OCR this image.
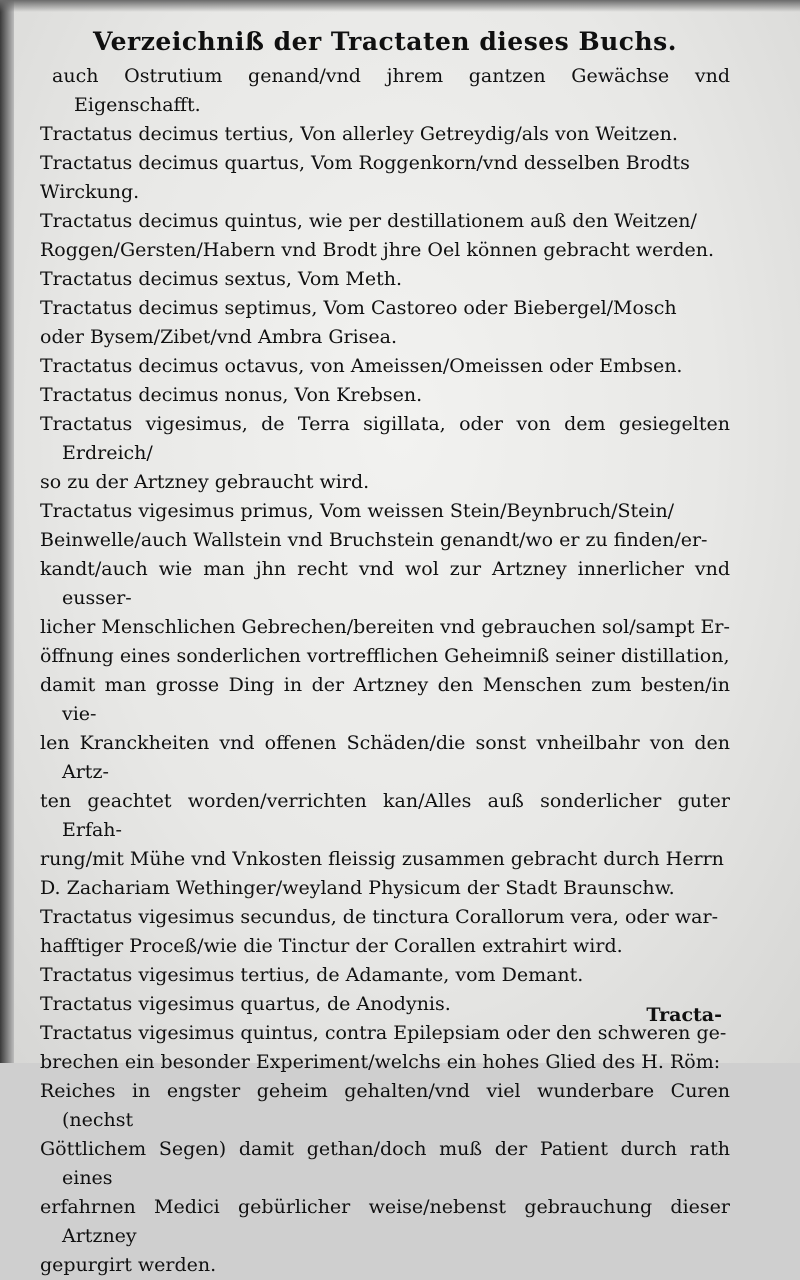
Verzeichniß der Tractaten dieses Buchs.
auch Ostrutium genand/vnd jhrem gantzen Gewächse vnd Eigenschafft.
Tractatus decimus tertius, Von allerley Getreydig/als von Weitzen.
Tractatus decimus quartus, Vom Roggenkorn/vnd desselben Brodts
Wirckung.
Tractatus decimus quintus, wie per destillationem auß den Weitzen/
Roggen/Gersten/Habern vnd Brodt jhre Oel können gebracht werden.
Tractatus decimus sextus, Vom Meth.
Tractatus decimus septimus, Vom Castoreo oder Biebergel/Mosch
oder Bysem/Zibet/vnd Ambra Grisea.
Tractatus decimus octavus, von Ameissen/Omeissen oder Embsen.
Tractatus decimus nonus, Von Krebsen.
Tractatus vigesimus, de Terra sigillata, oder von dem gesiegelten Erdreich/
so zu der Artzney gebraucht wird.
Tractatus vigesimus primus, Vom weissen Stein/Beynbruch/Stein/
Beinwelle/auch Wallstein vnd Bruchstein genandt/wo er zu finden/er-
kandt/auch wie man jhn recht vnd wol zur Artzney innerlicher vnd eusser-
licher Menschlichen Gebrechen/bereiten vnd gebrauchen sol/sampt Er-
öffnung eines sonderlichen vortrefflichen Geheimniß seiner distillation,
damit man grosse Ding in der Artzney den Menschen zum besten/in vie-
len Kranckheiten vnd offenen Schäden/die sonst vnheilbahr von den Artz-
ten geachtet worden/verrichten kan/Alles auß sonderlicher guter Erfah-
rung/mit Mühe vnd Vnkosten fleissig zusammen gebracht durch Herrn
D. Zachariam Wethinger/weyland Physicum der Stadt Braunschw.
Tractatus vigesimus secundus, de tinctura Corallorum vera, oder war-
hafftiger Proceß/wie die Tinctur der Corallen extrahirt wird.
Tractatus vigesimus tertius, de Adamante, vom Demant.
Tractatus vigesimus quartus, de Anodynis.
Tractatus vigesimus quintus, contra Epilepsiam oder den schweren ge-
brechen ein besonder Experiment/welchs ein hohes Glied des H. Röm:
Reiches in engster geheim gehalten/vnd viel wunderbare Curen (nechst
Göttlichem Segen) damit gethan/doch muß der Patient durch rath eines
erfahrnen Medici gebürlicher weise/nebenst gebrauchung dieser Artzney
gepurgirt werden.
Tracta-
